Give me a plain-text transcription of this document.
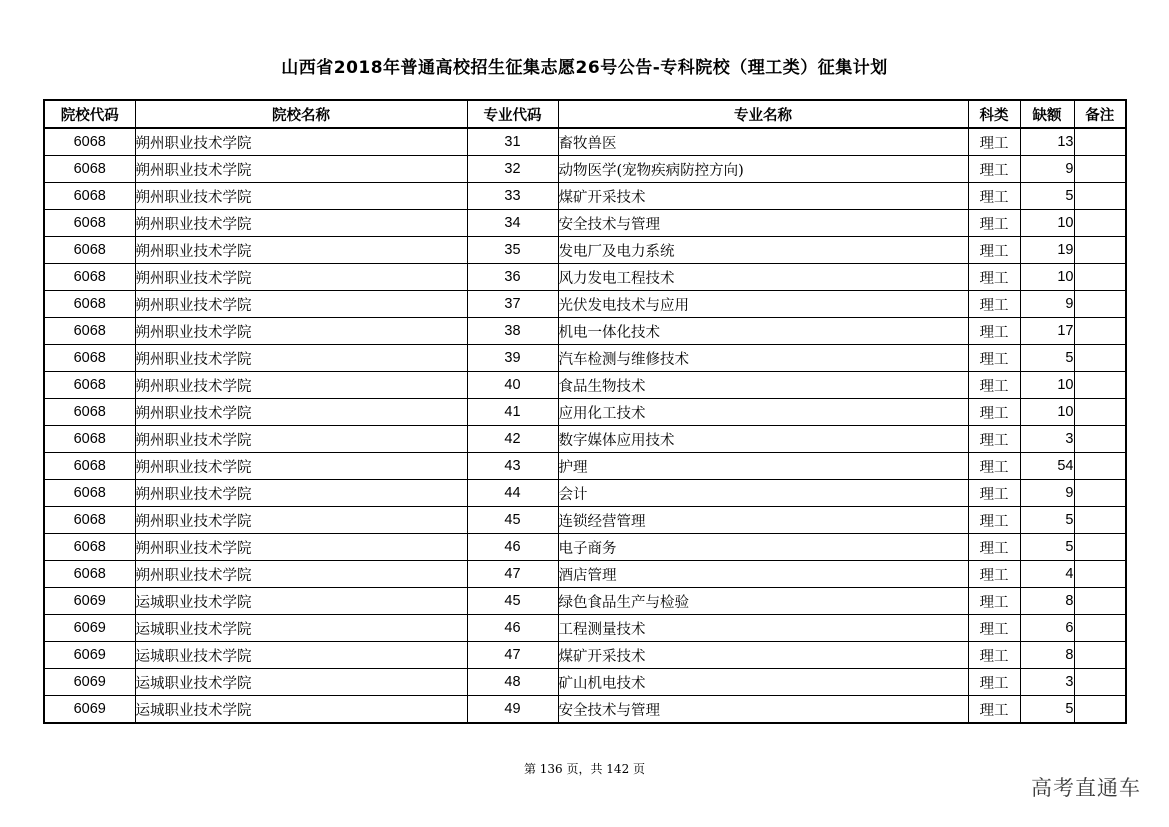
山西省2018年普通高校招生征集志愿26号公告-专科院校（理工类）征集计划
院校代码	院校名称	专业代码	专业名称	科类	缺额	备注
6068	朔州职业技术学院	31	畜牧兽医	理工	13	
6068	朔州职业技术学院	32	动物医学(宠物疾病防控方向)	理工	9	
6068	朔州职业技术学院	33	煤矿开采技术	理工	5	
6068	朔州职业技术学院	34	安全技术与管理	理工	10	
6068	朔州职业技术学院	35	发电厂及电力系统	理工	19	
6068	朔州职业技术学院	36	风力发电工程技术	理工	10	
6068	朔州职业技术学院	37	光伏发电技术与应用	理工	9	
6068	朔州职业技术学院	38	机电一体化技术	理工	17	
6068	朔州职业技术学院	39	汽车检测与维修技术	理工	5	
6068	朔州职业技术学院	40	食品生物技术	理工	10	
6068	朔州职业技术学院	41	应用化工技术	理工	10	
6068	朔州职业技术学院	42	数字媒体应用技术	理工	3	
6068	朔州职业技术学院	43	护理	理工	54	
6068	朔州职业技术学院	44	会计	理工	9	
6068	朔州职业技术学院	45	连锁经营管理	理工	5	
6068	朔州职业技术学院	46	电子商务	理工	5	
6068	朔州职业技术学院	47	酒店管理	理工	4	
6069	运城职业技术学院	45	绿色食品生产与检验	理工	8	
6069	运城职业技术学院	46	工程测量技术	理工	6	
6069	运城职业技术学院	47	煤矿开采技术	理工	8	
6069	运城职业技术学院	48	矿山机电技术	理工	3	
6069	运城职业技术学院	49	安全技术与管理	理工	5	
第 136 页，共 142 页
高考直通车
